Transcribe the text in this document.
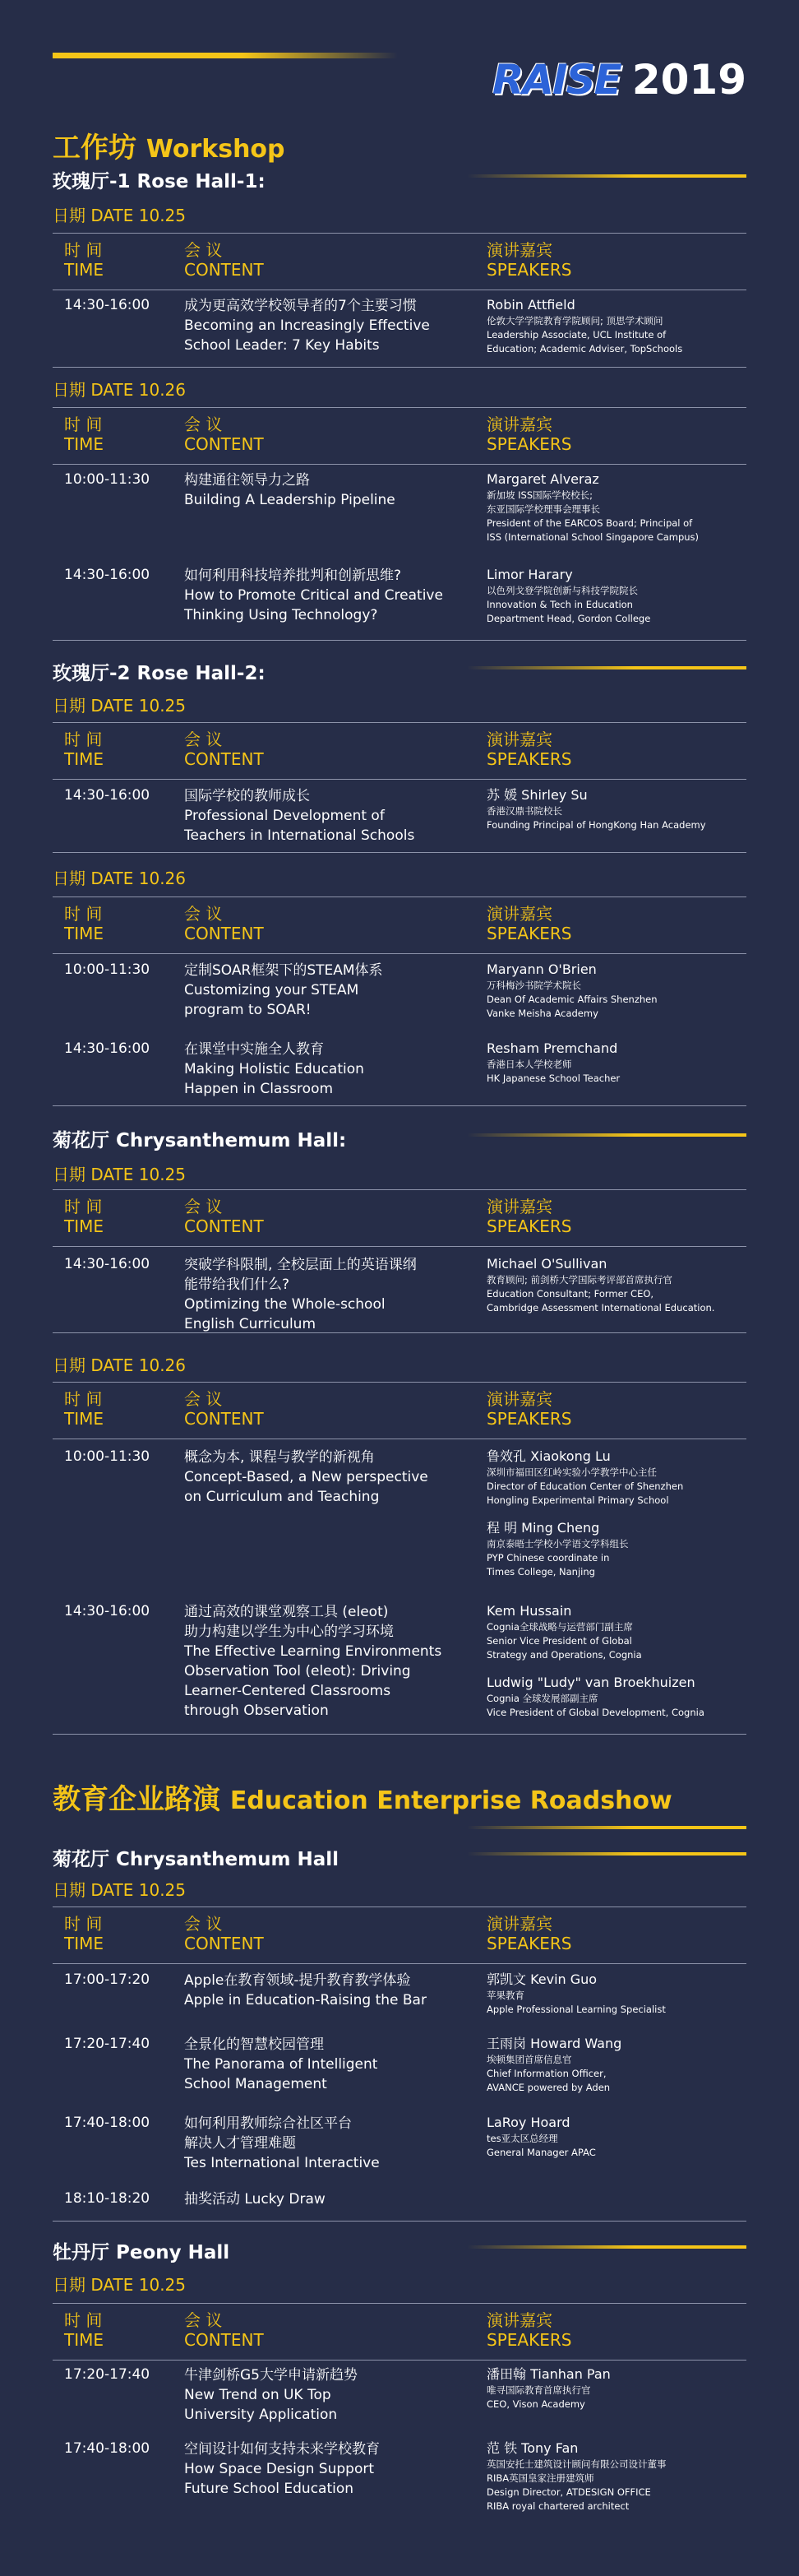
RAISE 2019
工作坊 Workshop
玫瑰厅-1 Rose Hall-1:
日期 DATE 10.25
时 间
TIME
会 议
CONTENT
演讲嘉宾
SPEAKERS
14:30-16:00 成为更高效学校领导者的7个主要习惯
Becoming an Increasingly Effective
School Leader: 7 Key Habits
Robin Attfield
伦敦大学学院教育学院顾问; 顶思学术顾问
Leadership Associate, UCL Institute of
Education; Academic Adviser, TopSchools
日期 DATE 10.26
时 间
TIME
会 议
CONTENT
演讲嘉宾
SPEAKERS
10:00-11:30 构建通往领导力之路
Building A Leadership Pipeline
Margaret Alveraz
新加坡 ISS国际学校校长;
东亚国际学校理事会理事长
President of the EARCOS Board; Principal of
ISS (International School Singapore Campus)
14:30-16:00 如何利用科技培养批判和创新思维?
How to Promote Critical and Creative
Thinking Using Technology?
Limor Harary
以色列戈登学院创新与科技学院院长
Innovation & Tech in Education
Department Head, Gordon College
玫瑰厅-2 Rose Hall-2:
日期 DATE 10.25
时 间
TIME
会 议
CONTENT
演讲嘉宾
SPEAKERS
14:30-16:00 国际学校的教师成长
Professional Development of
Teachers in International Schools
苏 媛 Shirley Su
香港汉鼎书院校长
Founding Principal of HongKong Han Academy
日期 DATE 10.26
时 间
TIME
会 议
CONTENT
演讲嘉宾
SPEAKERS
10:00-11:30 定制SOAR框架下的STEAM体系
Customizing your STEAM
program to SOAR!
Maryann O'Brien
万科梅沙书院学术院长
Dean Of Academic Affairs Shenzhen
Vanke Meisha Academy
14:30-16:00 在课堂中实施全人教育
Making Holistic Education
Happen in Classroom
Resham Premchand
香港日本人学校老师
HK Japanese School Teacher
菊花厅 Chrysanthemum Hall:
日期 DATE 10.25
时 间
TIME
会 议
CONTENT
演讲嘉宾
SPEAKERS
14:30-16:00 突破学科限制, 全校层面上的英语课纲
能带给我们什么?
Optimizing the Whole-school
English Curriculum
Michael O'Sullivan
教育顾问; 前剑桥大学国际考评部首席执行官
Education Consultant; Former CEO,
Cambridge Assessment International Education.
日期 DATE 10.26
时 间
TIME
会 议
CONTENT
演讲嘉宾
SPEAKERS
10:00-11:30 概念为本, 课程与教学的新视角
Concept-Based, a New perspective
on Curriculum and Teaching
鲁效孔 Xiaokong Lu
深圳市福田区红岭实验小学教学中心主任
Director of Education Center of Shenzhen
Hongling Experimental Primary School
程 明 Ming Cheng
南京泰晤士学校小学语文学科组长
PYP Chinese coordinate in
Times College, Nanjing
14:30-16:00 通过高效的课堂观察工具 (eleot)
助力构建以学生为中心的学习环境
The Effective Learning Environments
Observation Tool (eleot): Driving
Learner-Centered Classrooms
through Observation
Kem Hussain
Cognia全球战略与运营部门副主席
Senior Vice President of Global
Strategy and Operations, Cognia
Ludwig "Ludy" van Broekhuizen
Cognia 全球发展部副主席
Vice President of Global Development, Cognia
教育企业路演 Education Enterprise Roadshow
菊花厅 Chrysanthemum Hall
日期 DATE 10.25
时 间
TIME
会 议
CONTENT
演讲嘉宾
SPEAKERS
17:00-17:20 Apple在教育领域-提升教育教学体验
Apple in Education-Raising the Bar
郭凯文 Kevin Guo
苹果教育
Apple Professional Learning Specialist
17:20-17:40 全景化的智慧校园管理
The Panorama of Intelligent
School Management
王雨岗 Howard Wang
埃顿集团首席信息官
Chief Information Officer,
AVANCE powered by Aden
17:40-18:00 如何利用教师综合社区平台
解决人才管理难题
Tes International Interactive
LaRoy Hoard
tes亚太区总经理
General Manager APAC
18:10-18:20 抽奖活动 Lucky Draw
牡丹厅 Peony Hall
日期 DATE 10.25
时 间
TIME
会 议
CONTENT
演讲嘉宾
SPEAKERS
17:20-17:40 牛津剑桥G5大学申请新趋势
New Trend on UK Top
University Application
潘田翰 Tianhan Pan
唯寻国际教育首席执行官
CEO, Vison Academy
17:40-18:00 空间设计如何支持未来学校教育
How Space Design Support
Future School Education
范 铁 Tony Fan
英国安托士建筑设计顾问有限公司设计董事
RIBA英国皇家注册建筑师
Design Director, ATDESIGN OFFICE
RIBA royal chartered architect
